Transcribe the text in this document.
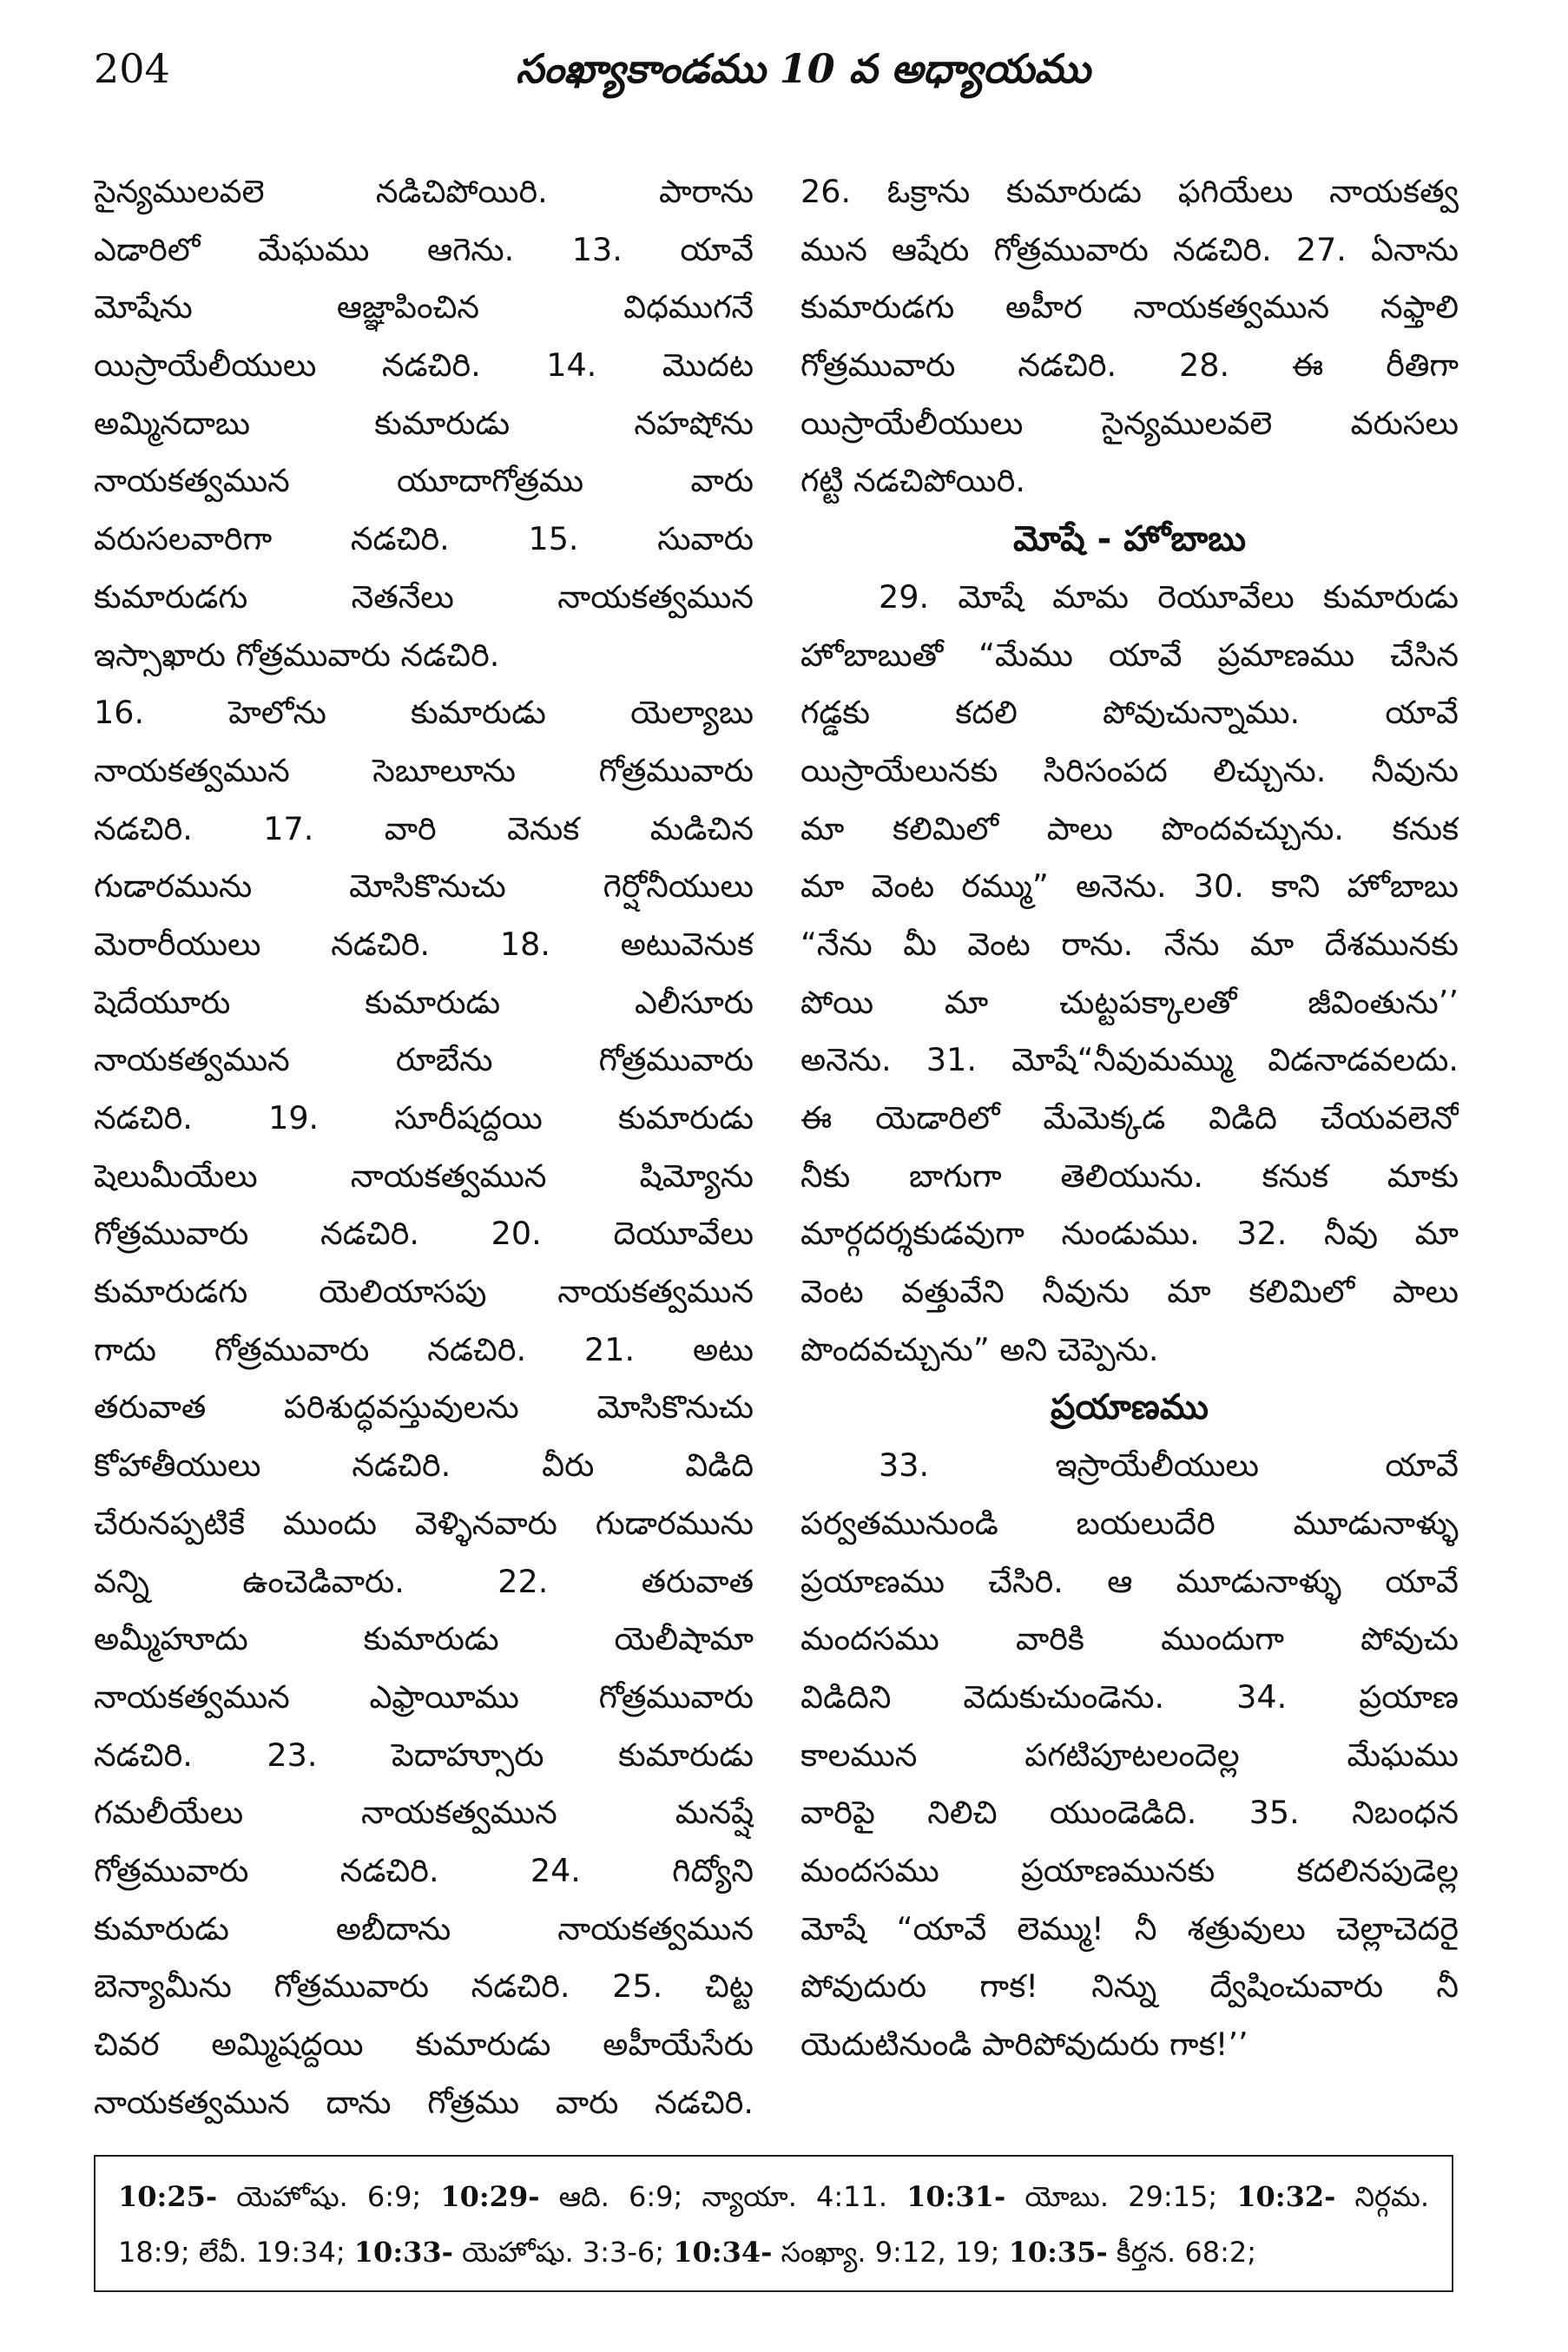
204	సంఖ్యాకాండము 10 వ అధ్యాయము
సైన్యములవలె నడిచిపోయిరి. పారాను
ఎడారిలో మేఘము ఆగెను. 13. యావే
మోషేను ఆజ్ఞాపించిన విధముగనే
యిస్రాయేలీయులు నడచిరి. 14. మొదట
అమ్మినదాబు కుమారుడు నహషోను
నాయకత్వమున యూదాగోత్రము వారు
వరుసలవారిగా నడచిరి. 15. సువారు
కుమారుడగు నెతనేలు నాయకత్వమున
ఇస్సాఖారు గోత్రమువారు నడచిరి.
16. హెలోను కుమారుడు యెల్యాబు
నాయకత్వమున సెబూలూను గోత్రమువారు
నడచిరి. 17. వారి వెనుక మడిచిన
గుడారమును మోసికొనుచు గెర్షోనీయులు
మెరారీయులు నడచిరి. 18. అటువెనుక
షెదేయూరు కుమారుడు ఎలీసూరు
నాయకత్వమున రూబేను గోత్రమువారు
నడచిరి. 19. సూరీషద్దయి కుమారుడు
షెలుమీయేలు నాయకత్వమున షిమ్యోను
గోత్రమువారు నడచిరి. 20. దెయూవేలు
కుమారుడగు యెలియాసపు నాయకత్వమున
గాదు గోత్రమువారు నడచిరి. 21. అటు
తరువాత పరిశుద్ధవస్తువులను మోసికొనుచు
కోహాతీయులు నడచిరి. వీరు విడిది
చేరునప్పటికే ముందు వెళ్ళినవారు గుడారమును
వన్ని ఉంచెడివారు. 22. తరువాత
అమ్మీహూదు కుమారుడు యెలీషామా
నాయకత్వమున ఎఫ్రాయీము గోత్రమువారు
నడచిరి. 23. పెదాహ్సూరు కుమారుడు
గమలీయేలు నాయకత్వమున మనష్షే
గోత్రమువారు నడచిరి. 24. గిద్యోని
కుమారుడు అబీదాను నాయకత్వమున
బెన్యామీను గోత్రమువారు నడచిరి. 25. చిట్ట
చివర అమ్మిషద్దయి కుమారుడు అహీయేసేరు
నాయకత్వమున దాను గోత్రము వారు నడచిరి.
26. ఓక్రాను కుమారుడు ఫగియేలు నాయకత్వ
మున ఆషేరు గోత్రమువారు నడచిరి. 27. ఏనాను
కుమారుడగు అహీర నాయకత్వమున నఫ్తాలి
గోత్రమువారు నడచిరి. 28. ఈ రీతిగా
యిస్రాయేలీయులు సైన్యములవలె వరుసలు
గట్టి నడచిపోయిరి.
మోషే - హోబాబు
29. మోషే మామ రెయూవేలు కుమారుడు
హోబాబుతో “మేము యావే ప్రమాణము చేసిన
గడ్డకు కదలి పోవుచున్నాము. యావే
యిస్రాయేలునకు సిరిసంపద లిచ్చును. నీవును
మా కలిమిలో పాలు పొందవచ్చును. కనుక
మా వెంట రమ్ము” అనెను. 30. కాని హోబాబు
“నేను మీ వెంట రాను. నేను మా దేశమునకు
పోయి మా చుట్టపక్కాలతో జీవింతును’’
అనెను. 31. మోషే“నీవుమమ్ము విడనాడవలదు.
ఈ యెడారిలో మేమెక్కడ విడిది చేయవలెనో
నీకు బాగుగా తెలియును. కనుక మాకు
మార్గదర్శకుడవుగా నుండుము. 32. నీవు మా
వెంట వత్తువేని నీవును మా కలిమిలో పాలు
పొందవచ్చును” అని చెప్పెను.
ప్రయాణము
33. ఇస్రాయేలీయులు యావే
పర్వతమునుండి బయలుదేరి మూడునాళ్ళు
ప్రయాణము చేసిరి. ఆ మూడునాళ్ళు యావే
మందసము వారికి ముందుగా పోవుచు
విడిదిని వెదుకుచుండెను. 34. ప్రయాణ
కాలమున పగటిపూటలందెల్ల మేఘము
వారిపై నిలిచి యుండెడిది. 35. నిబంధన
మందసము ప్రయాణమునకు కదలినపుడెల్ల
మోషే “యావే లెమ్ము! నీ శత్రువులు చెల్లాచెదరై
పోవుదురు గాక! నిన్ను ద్వేషించువారు నీ
యెదుటినుండి పారిపోవుదురు గాక!’’
10:25- యెహోషు. 6:9; 10:29- ఆది. 6:9; న్యాయా. 4:11. 10:31- యోబు. 29:15; 10:32- నిర్గమ.
18:9; లేవీ. 19:34; 10:33- యెహోషు. 3:3-6; 10:34- సంఖ్యా. 9:12, 19; 10:35- కీర్తన. 68:2;
